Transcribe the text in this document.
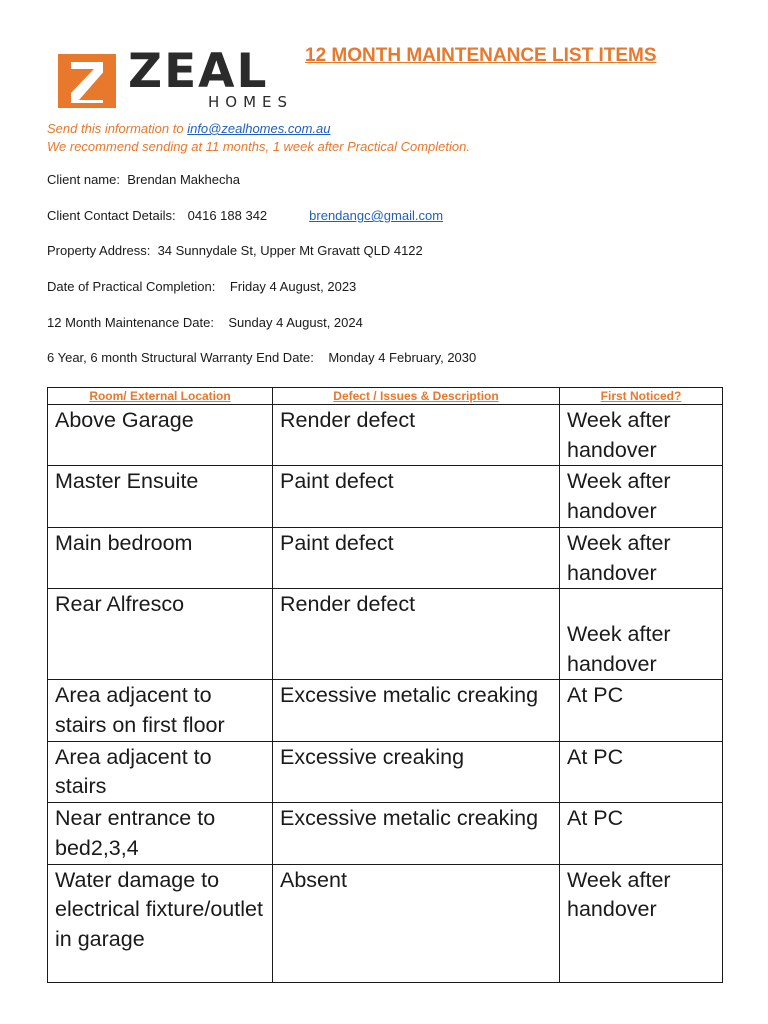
ZEAL
HOMES
12 MONTH MAINTENANCE LIST ITEMS
Send this information to info@zealhomes.com.au
We recommend sending at 11 months, 1 week after Practical Completion.
Client name: Brendan Makhecha
Client Contact Details: 0416 188 342	brendangc@gmail.com
Property Address: 34 Sunnydale St, Upper Mt Gravatt QLD 4122
Date of Practical Completion: Friday 4 August, 2023
12 Month Maintenance Date: Sunday 4 August, 2024
6 Year, 6 month Structural Warranty End Date: Monday 4 February, 2030
Room/ External Location	Defect / Issues & Description	First Noticed?
Above Garage	Render defect	Week after handover
Master Ensuite	Paint defect	Week after handover
Main bedroom	Paint defect	Week after handover
Rear Alfresco	Render defect	Week after handover
Area adjacent to stairs on first floor	Excessive metalic creaking	At PC
Area adjacent to stairs	Excessive creaking	At PC
Near entrance to bed2,3,4	Excessive metalic creaking	At PC
Water damage to electrical fixture/outlet in garage	Absent	Week after handover
